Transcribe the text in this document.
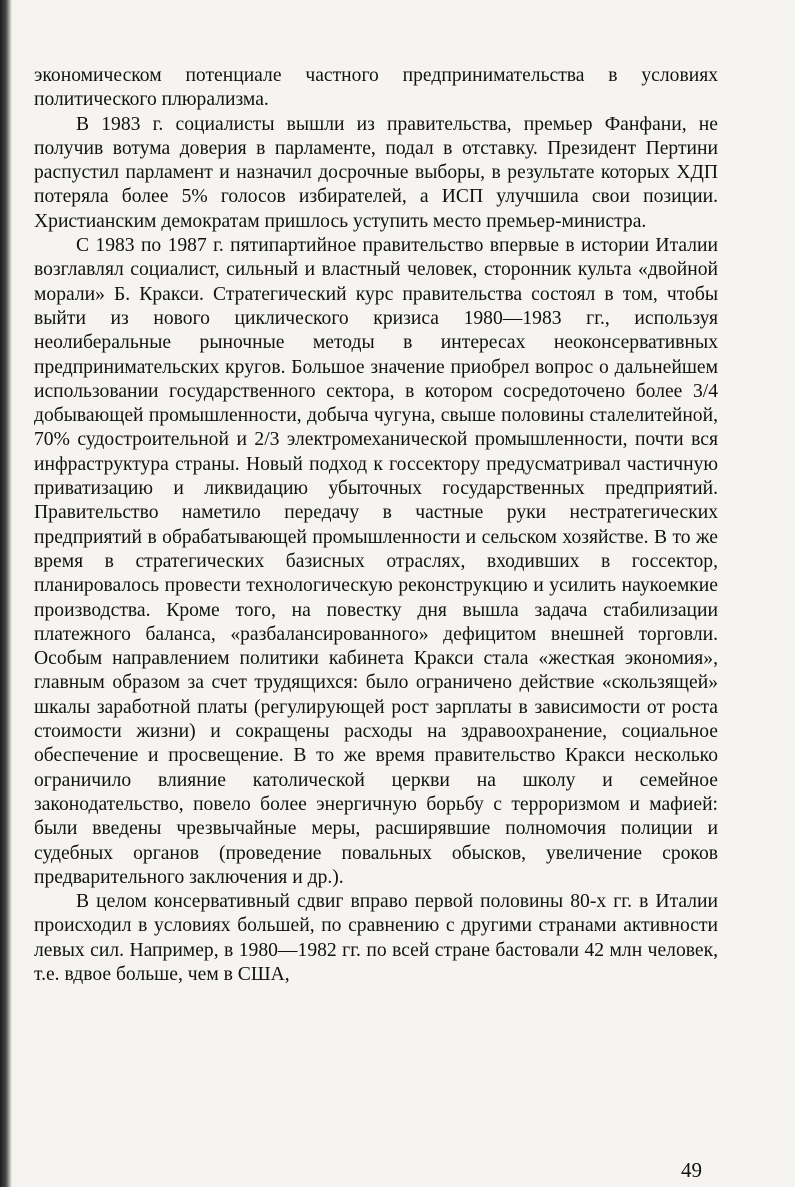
экономическом потенциале частного предпринимательства в условиях политического плюрализма.

В 1983 г. социалисты вышли из правительства, премьер Фанфани, не получив вотума доверия в парламенте, подал в отставку. Президент Пертини распустил парламент и назначил досрочные выборы, в результате которых ХДП потеряла более 5% голосов избирателей, а ИСП улучшила свои позиции. Христианским демократам пришлось уступить место премьер-министра.

С 1983 по 1987 г. пятипартийное правительство впервые в истории Италии возглавлял социалист, сильный и властный человек, сторонник культа «двойной морали» Б. Кракси. Стратегический курс правительства состоял в том, чтобы выйти из нового циклического кризиса 1980—1983 гг., используя неолиберальные рыночные методы в интересах неоконсервативных предпринимательских кругов. Большое значение приобрел вопрос о дальнейшем использовании государственного сектора, в котором сосредоточено более 3/4 добывающей промышленности, добыча чугуна, свыше половины сталелитейной, 70% судостроительной и 2/3 электромеханической промышленности, почти вся инфраструктура страны. Новый подход к госсектору предусматривал частичную приватизацию и ликвидацию убыточных государственных предприятий. Правительство наметило передачу в частные руки нестратегических предприятий в обрабатывающей промышленности и сельском хозяйстве. В то же время в стратегических базисных отраслях, входивших в госсектор, планировалось провести технологическую реконструкцию и усилить наукоемкие производства. Кроме того, на повестку дня вышла задача стабилизации платежного баланса, «разбалансированного» дефицитом внешней торговли. Особым направлением политики кабинета Кракси стала «жесткая экономия», главным образом за счет трудящихся: было ограничено действие «скользящей» шкалы заработной платы (регулирующей рост зарплаты в зависимости от роста стоимости жизни) и сокращены расходы на здравоохранение, социальное обеспечение и просвещение. В то же время правительство Кракси несколько ограничило влияние католической церкви на школу и семейное законодательство, повело более энергичную борьбу с терроризмом и мафией: были введены чрезвычайные меры, расширявшие полномочия полиции и судебных органов (проведение повальных обысков, увеличение сроков предварительного заключения и др.).

В целом консервативный сдвиг вправо первой половины 80-х гг. в Италии происходил в условиях большей, по сравнению с другими странами активности левых сил. Например, в 1980—1982 гг. по всей стране бастовали 42 млн человек, т.е. вдвое больше, чем в США,

49
